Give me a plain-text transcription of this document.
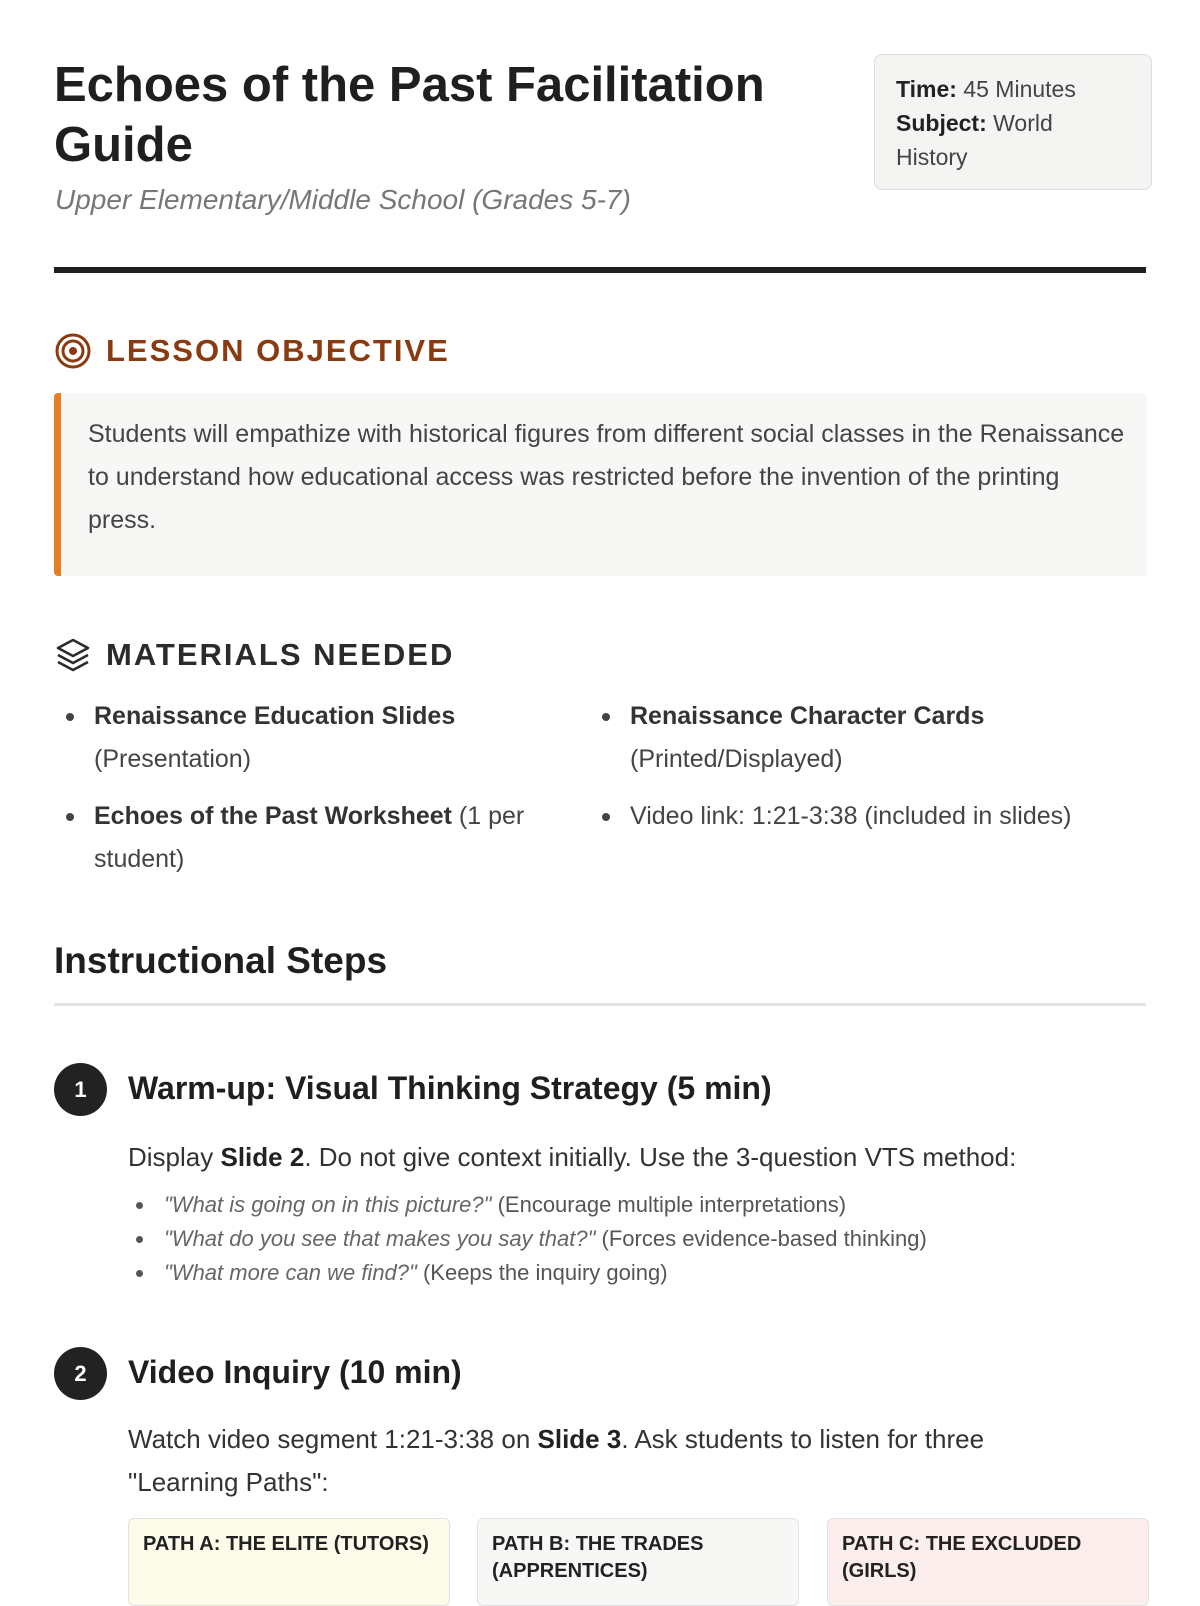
Echoes of the Past Facilitation Guide
Upper Elementary/Middle School (Grades 5-7)
Time: 45 Minutes
Subject: World History
LESSON OBJECTIVE
Students will empathize with historical figures from different social classes in the Renaissance to understand how educational access was restricted before the invention of the printing press.
MATERIALS NEEDED
Renaissance Education Slides (Presentation)
Renaissance Character Cards (Printed/Displayed)
Echoes of the Past Worksheet (1 per student)
Video link: 1:21-3:38 (included in slides)
Instructional Steps
1	Warm-up: Visual Thinking Strategy (5 min)
Display Slide 2. Do not give context initially. Use the 3-question VTS method:
"What is going on in this picture?" (Encourage multiple interpretations)
"What do you see that makes you say that?" (Forces evidence-based thinking)
"What more can we find?" (Keeps the inquiry going)
2	Video Inquiry (10 min)
Watch video segment 1:21-3:38 on Slide 3. Ask students to listen for three "Learning Paths":
PATH A: THE ELITE (TUTORS)	PATH B: THE TRADES (APPRENTICES)
PATH C: THE EXCLUDED (GIRLS)
